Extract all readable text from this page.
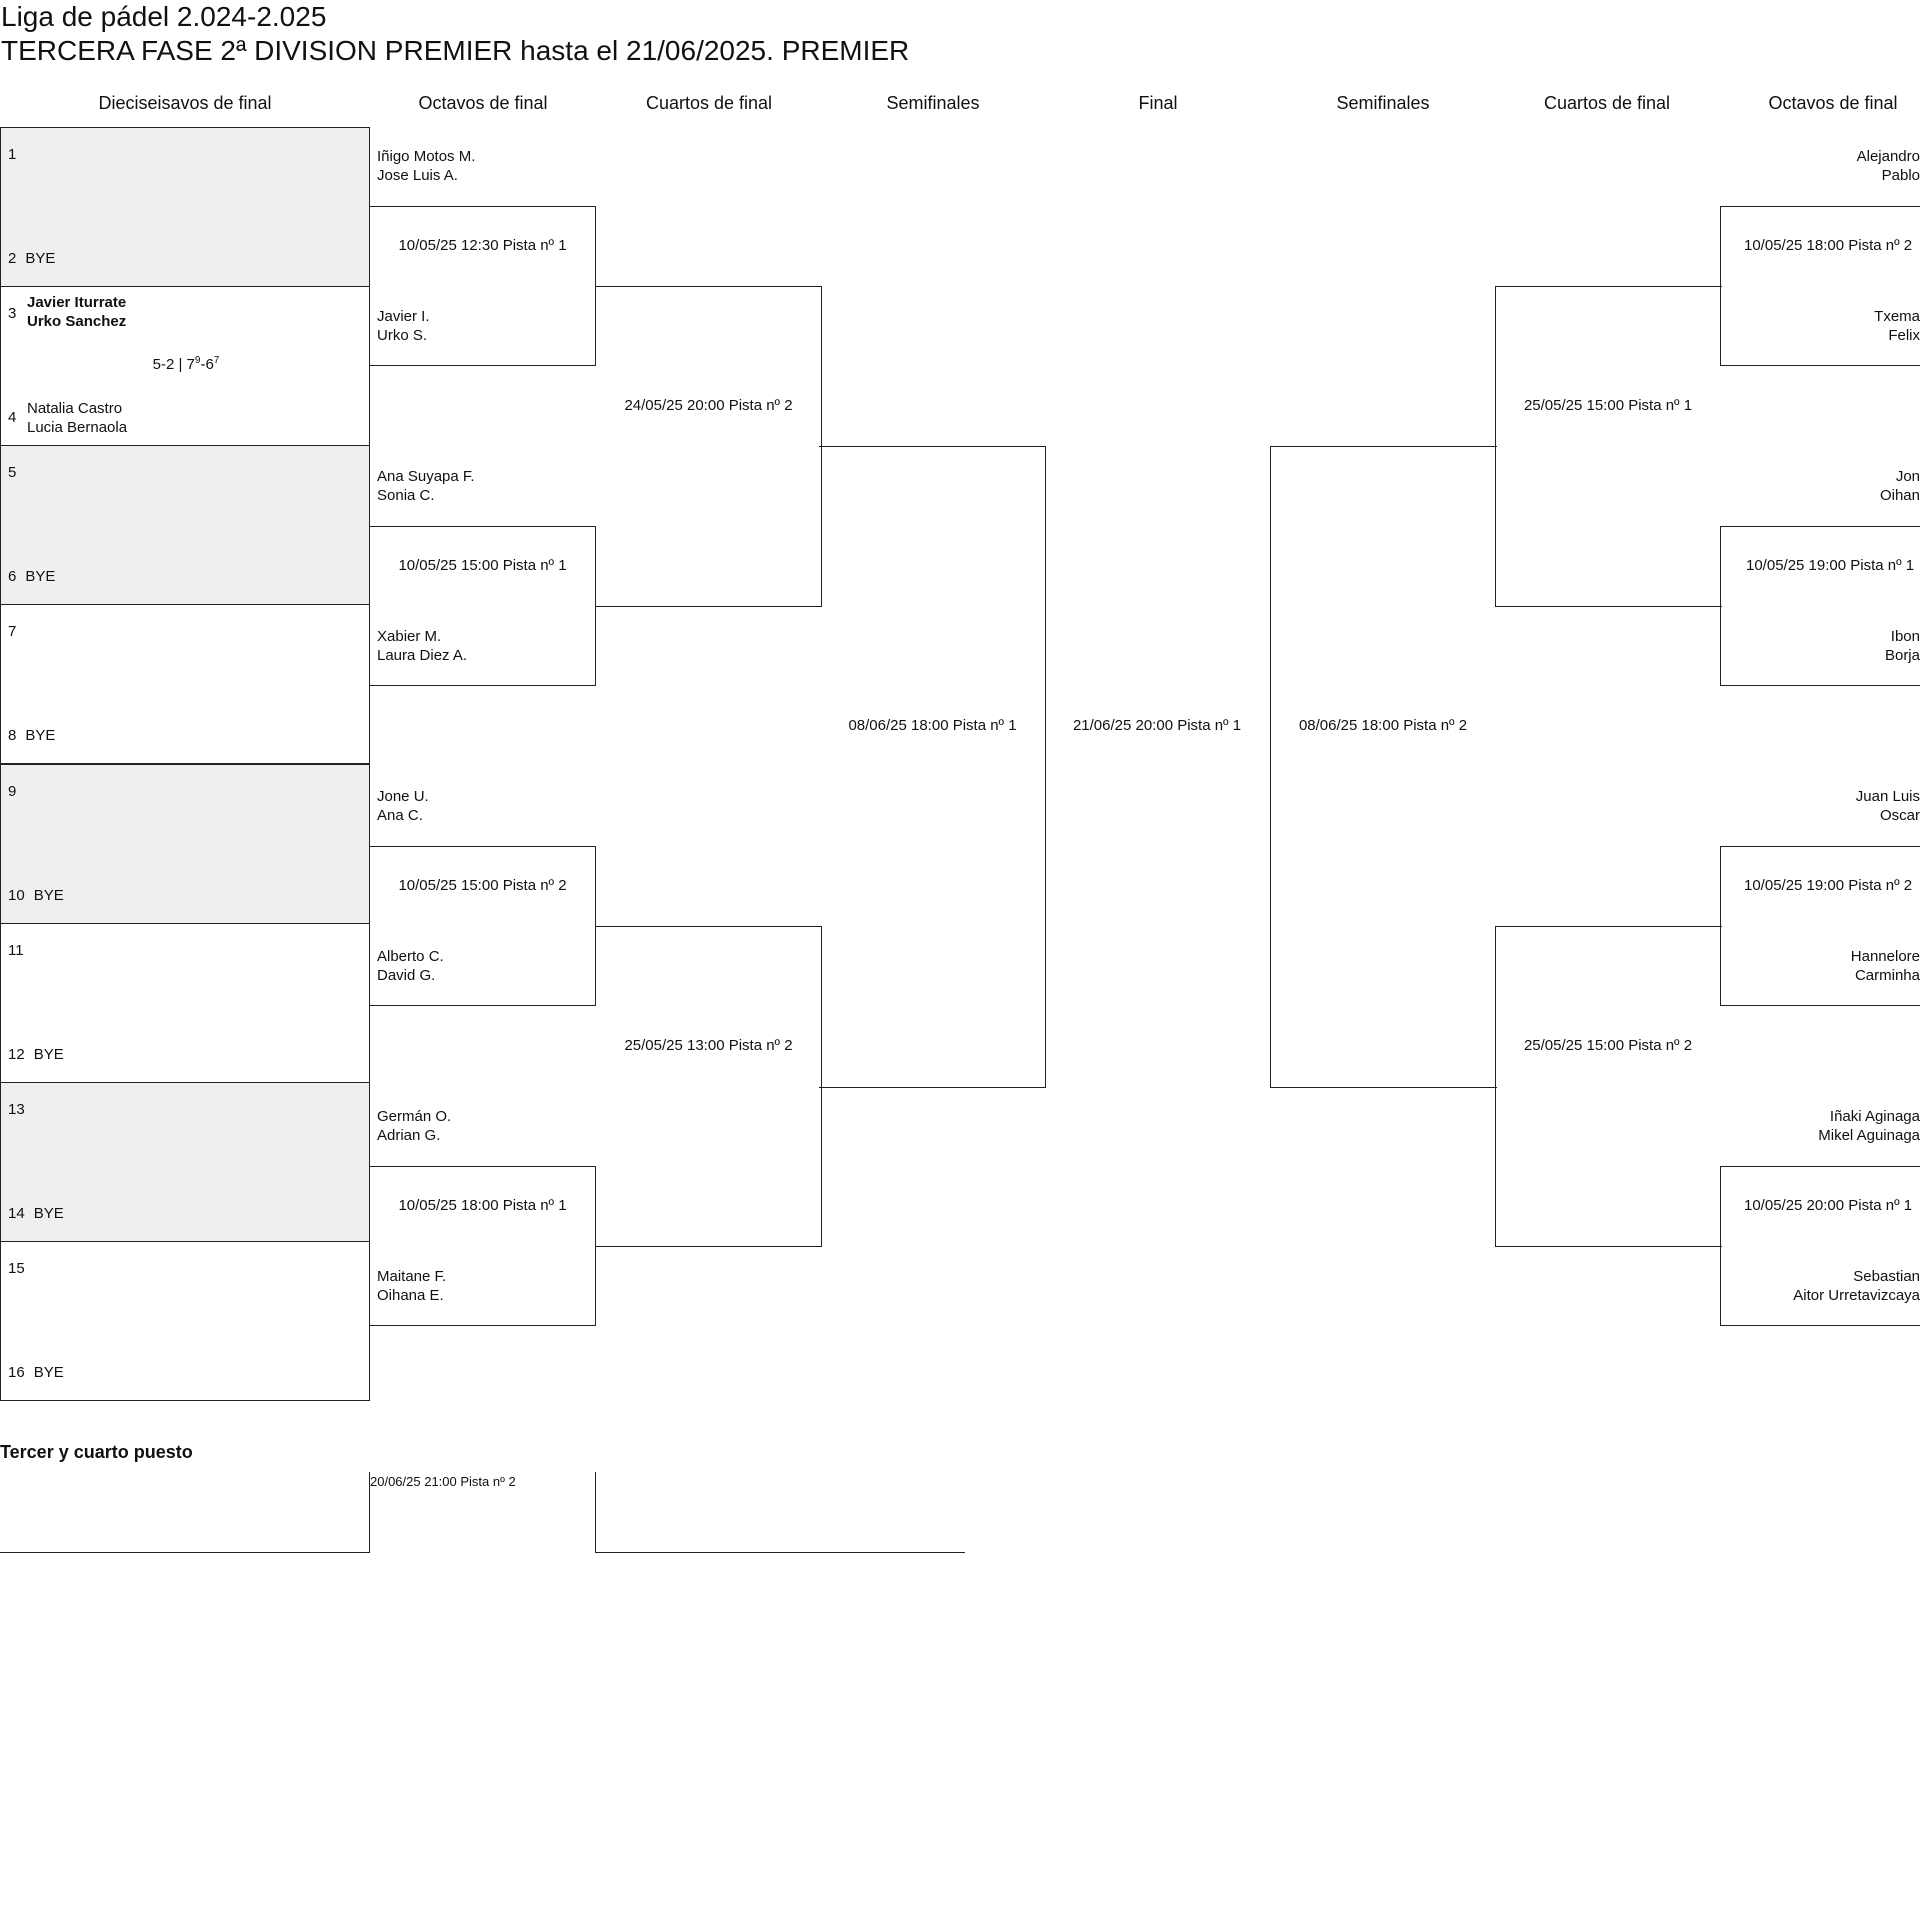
Liga de pádel 2.024-2.025
TERCERA FASE 2ª DIVISION PREMIER hasta el 21/06/2025. PREMIER
Dieciseisavos de final	Octavos de final	Cuartos de final	Semifinales	Final	Semifinales	Cuartos de final	Octavos de final
1
2 BYE
3
Javier Iturrate
Urko Sanchez
5-2 | $7^9-6^7$
4
Natalia Castro
Lucia Bernaola
5
6 BYE
7
8 BYE
9
10 BYE
11
12 BYE
13
14 BYE
15
16 BYE
Iñigo Motos M.
Jose Luis A.
10/05/25 12:30 Pista nº 1
Javier I.
Urko S.
Ana Suyapa F.
Sonia C.
10/05/25 15:00 Pista nº 1
Xabier M.
Laura Diez A.
Jone U.
Ana C.
10/05/25 15:00 Pista nº 2
Alberto C.
David G.
Germán O.
Adrian G.
10/05/25 18:00 Pista nº 1
Maitane F.
Oihana E.
24/05/25 20:00 Pista nº 2
25/05/25 13:00 Pista nº 2
08/06/25 18:00 Pista nº 1	21/06/25 20:00 Pista nº 1	08/06/25 18:00 Pista nº 2
25/05/25 15:00 Pista nº 1
25/05/25 15:00 Pista nº 2
Alejandro
Pablo
10/05/25 18:00 Pista nº 2
Txema
Felix
Jon
Oihan
10/05/25 19:00 Pista nº 1
Ibon
Borja
Juan Luis
Oscar
10/05/25 19:00 Pista nº 2
Hannelore
Carminha
Iñaki Aginaga
Mikel Aguinaga
10/05/25 20:00 Pista nº 1
Sebastian
Aitor Urretavizcaya
Tercer y cuarto puesto
20/06/25 21:00 Pista nº 2
